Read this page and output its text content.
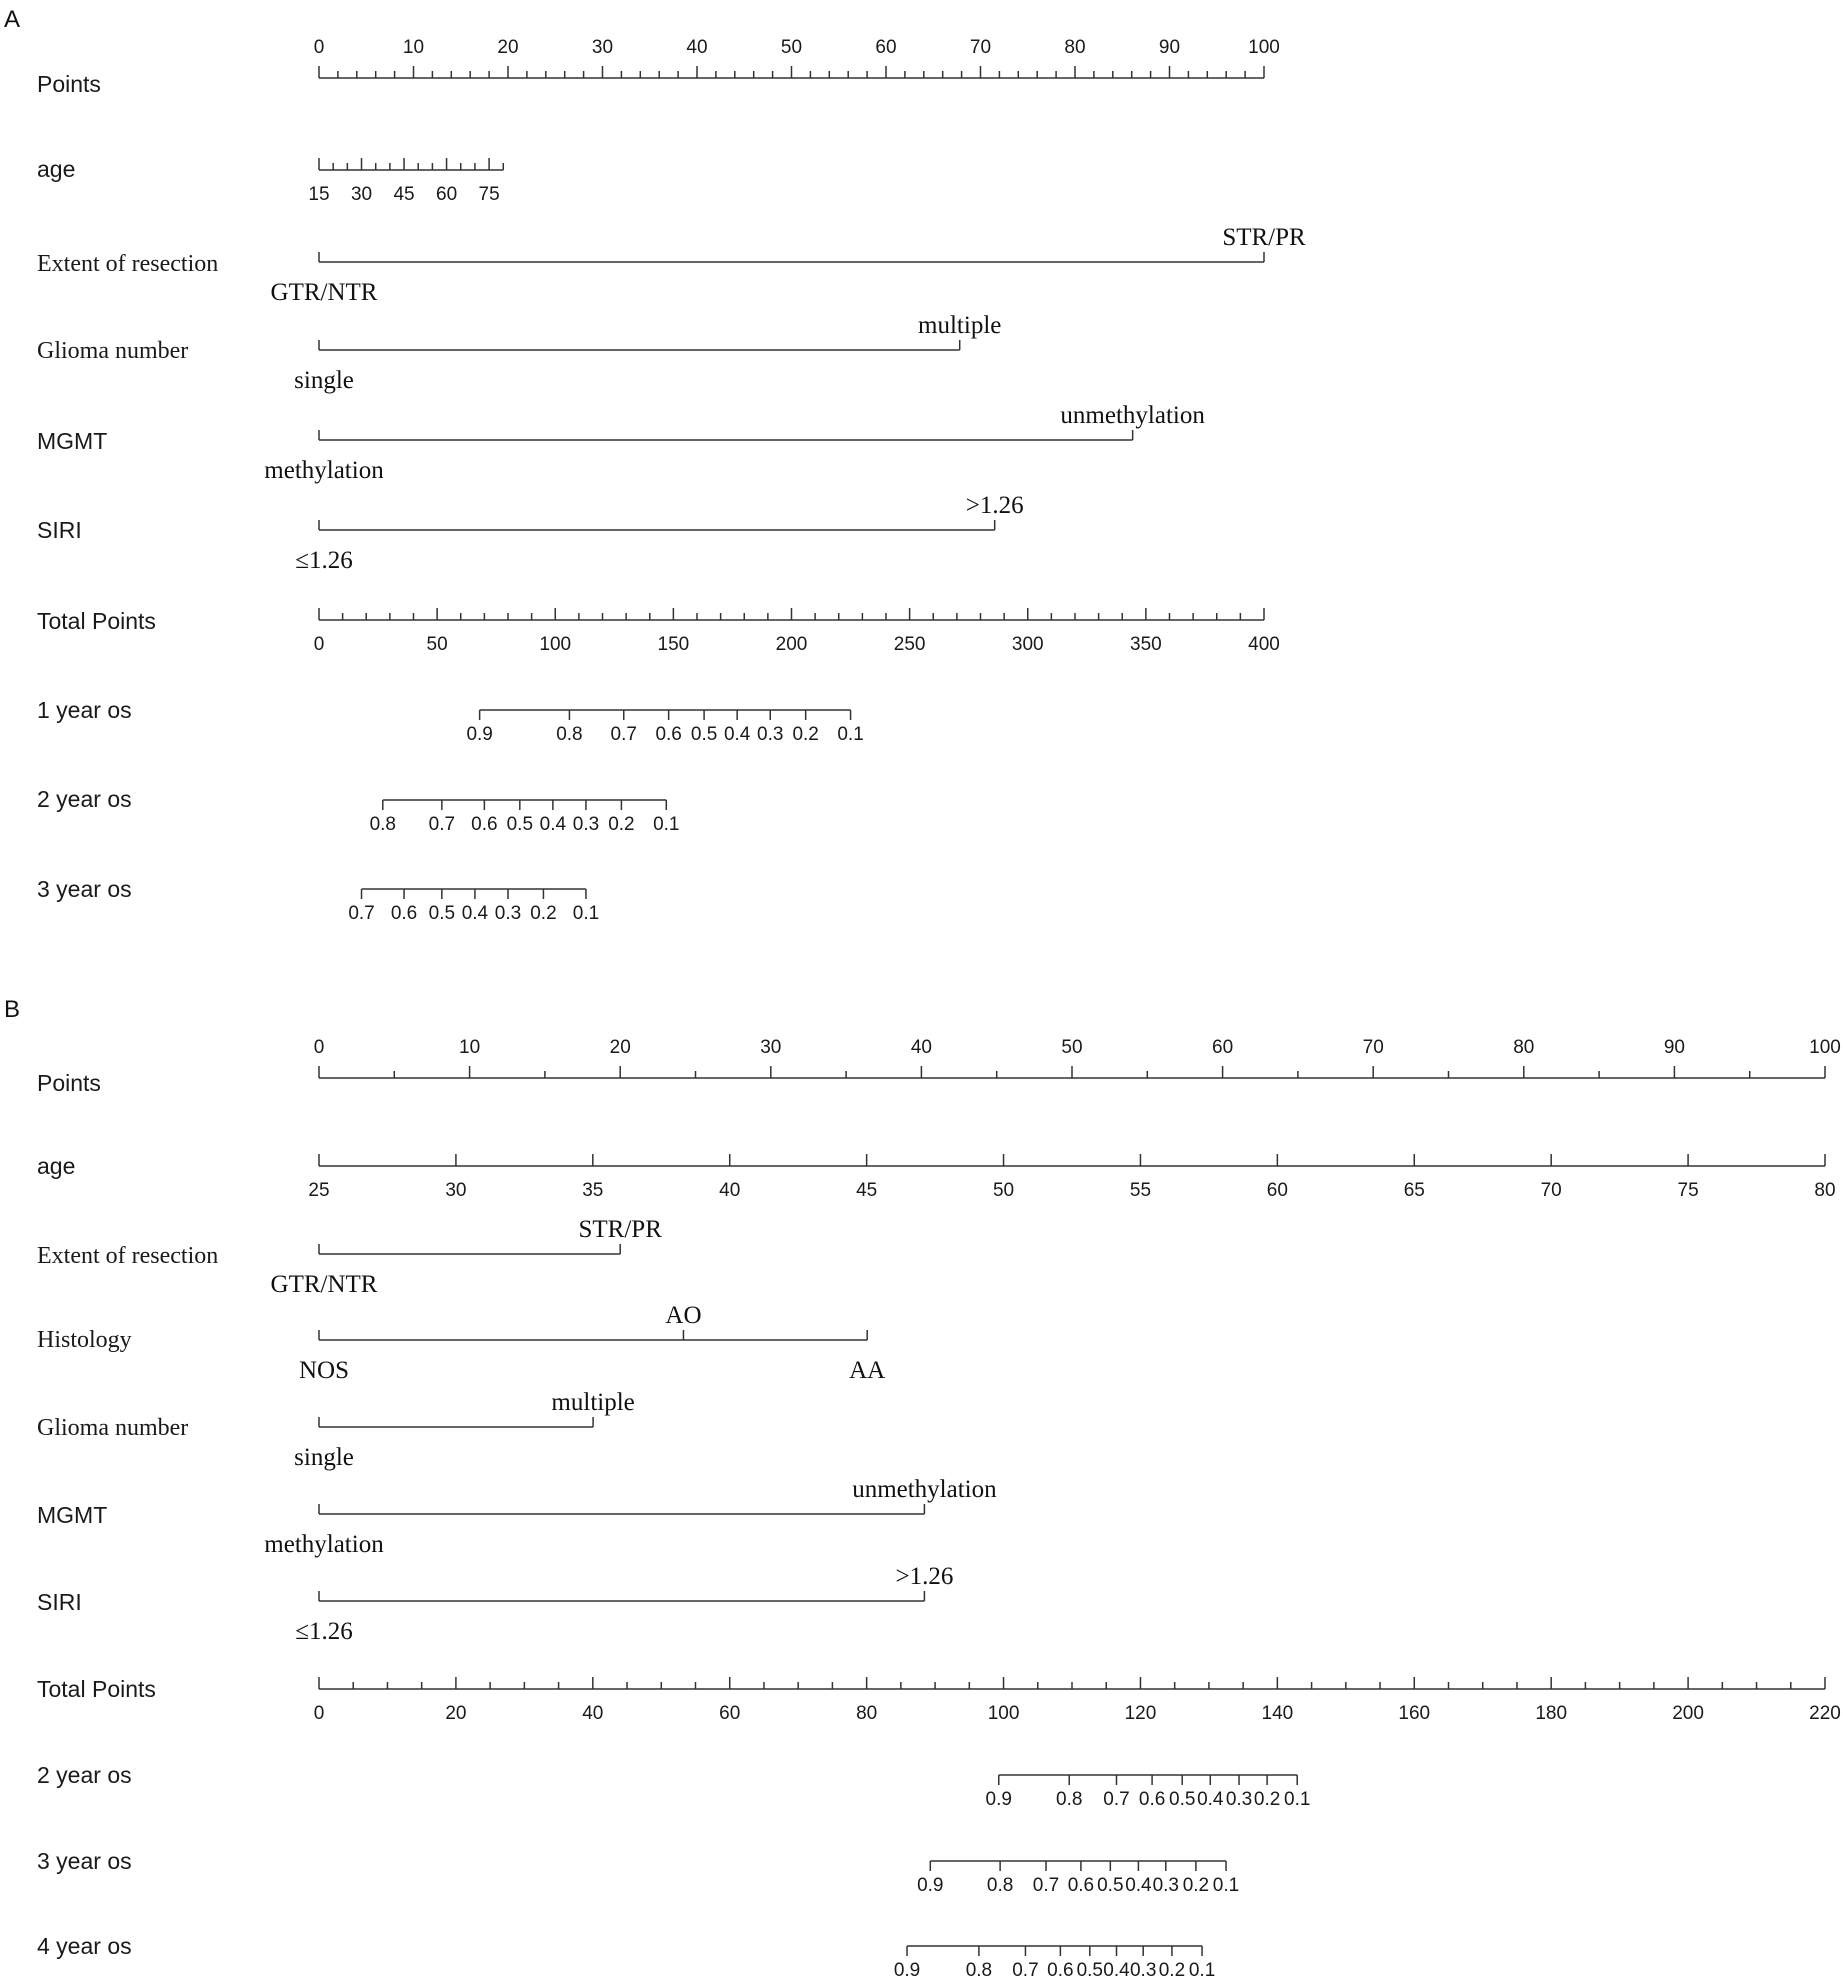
A
Points
0	10	20	30	40	50	60	70	80	90	100
age
15 30 45 60 75
Extent of resection
GTR/NTR
STR/PR
Glioma number
single
multiple
MGMT
methylation
unmethylation
SIRI
≤1.26
>1.26
Total Points
0	50	100	150	200	250	300	350	400
1 year os
0.9	0.8 0.7 0.6 0.5 0.4 0.3 0.2 0.1
2 year os
0.8 0.7 0.6 0.5 0.4 0.3 0.2 0.1
3 year os
0.7 0.6 0.5 0.4 0.3 0.2 0.1
B
Points
0	10	20	30	40	50	60	70	80	90	100
age
25	30	35	40	45	50	55	60	65	70	75	80
Extent of resection
GTR/NTR
STR/PR
Histology
NOS
AO
AA
Glioma number
single
multiple
MGMT
methylation
unmethylation
SIRI
≤1.26
>1.26
Total Points
0	20	40	60	80	100	120	140	160	180	200	220
2 year os
0.9 0.8 0.7 0.6 0.5 0.4 0.3 0.2 0.1
3 year os
0.9 0.8 0.7 0.6 0.5 0.4 0.3 0.2 0.1
4 year os
0.9 0.8 0.7 0.6 0.5 0.4 0.3 0.2 0.1
